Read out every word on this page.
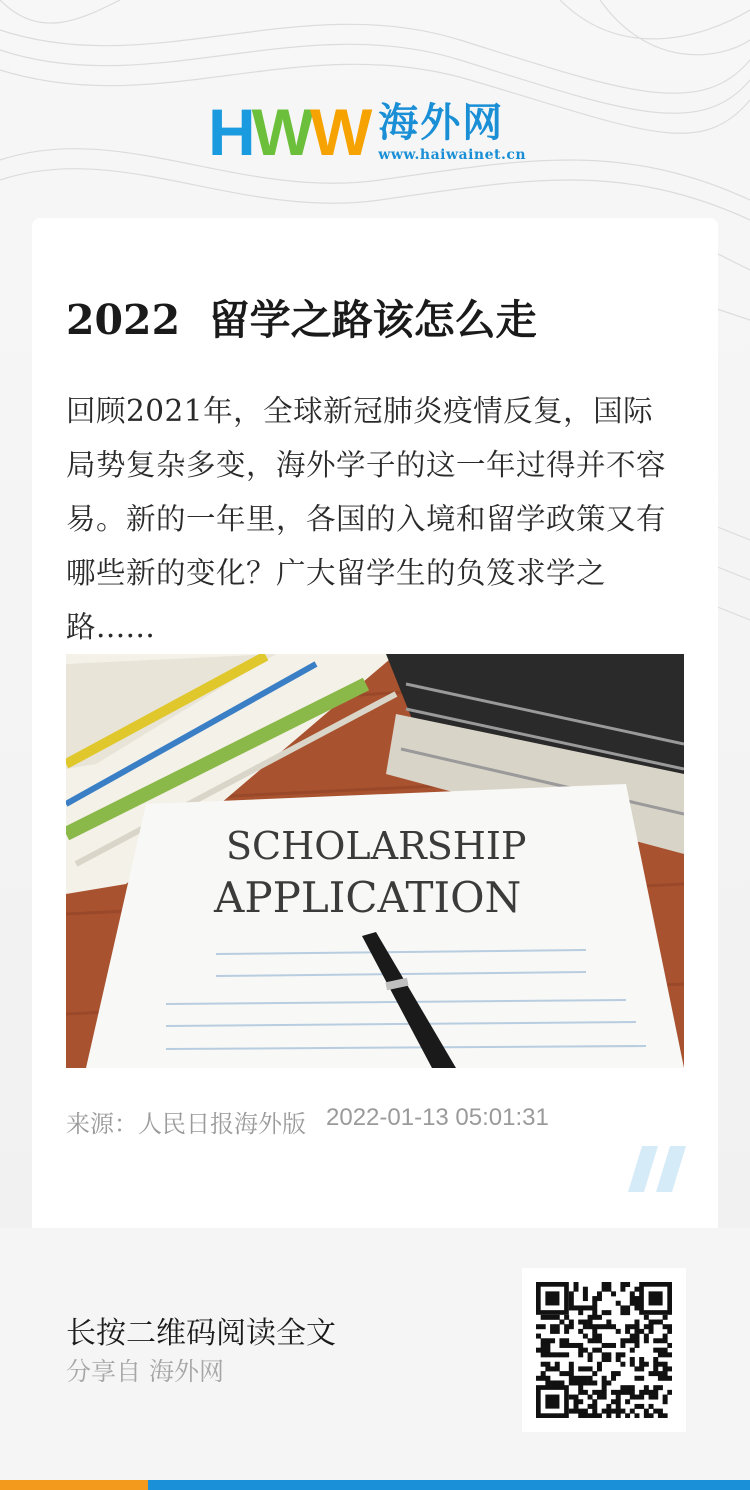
H W W 海外网
www.haiwainet.cn
2022  留学之路该怎么走
回顾2021年，全球新冠肺炎疫情反复，国际局势复杂多变，海外学子的这一年过得并不容易。新的一年里，各国的入境和留学政策又有哪些新的变化？广大留学生的负笈求学之路......
SCHOLARSHIP
APPLICATION
来源：人民日报海外版 2022-01-13 05:01:31
长按二维码阅读全文
分享自 海外网
